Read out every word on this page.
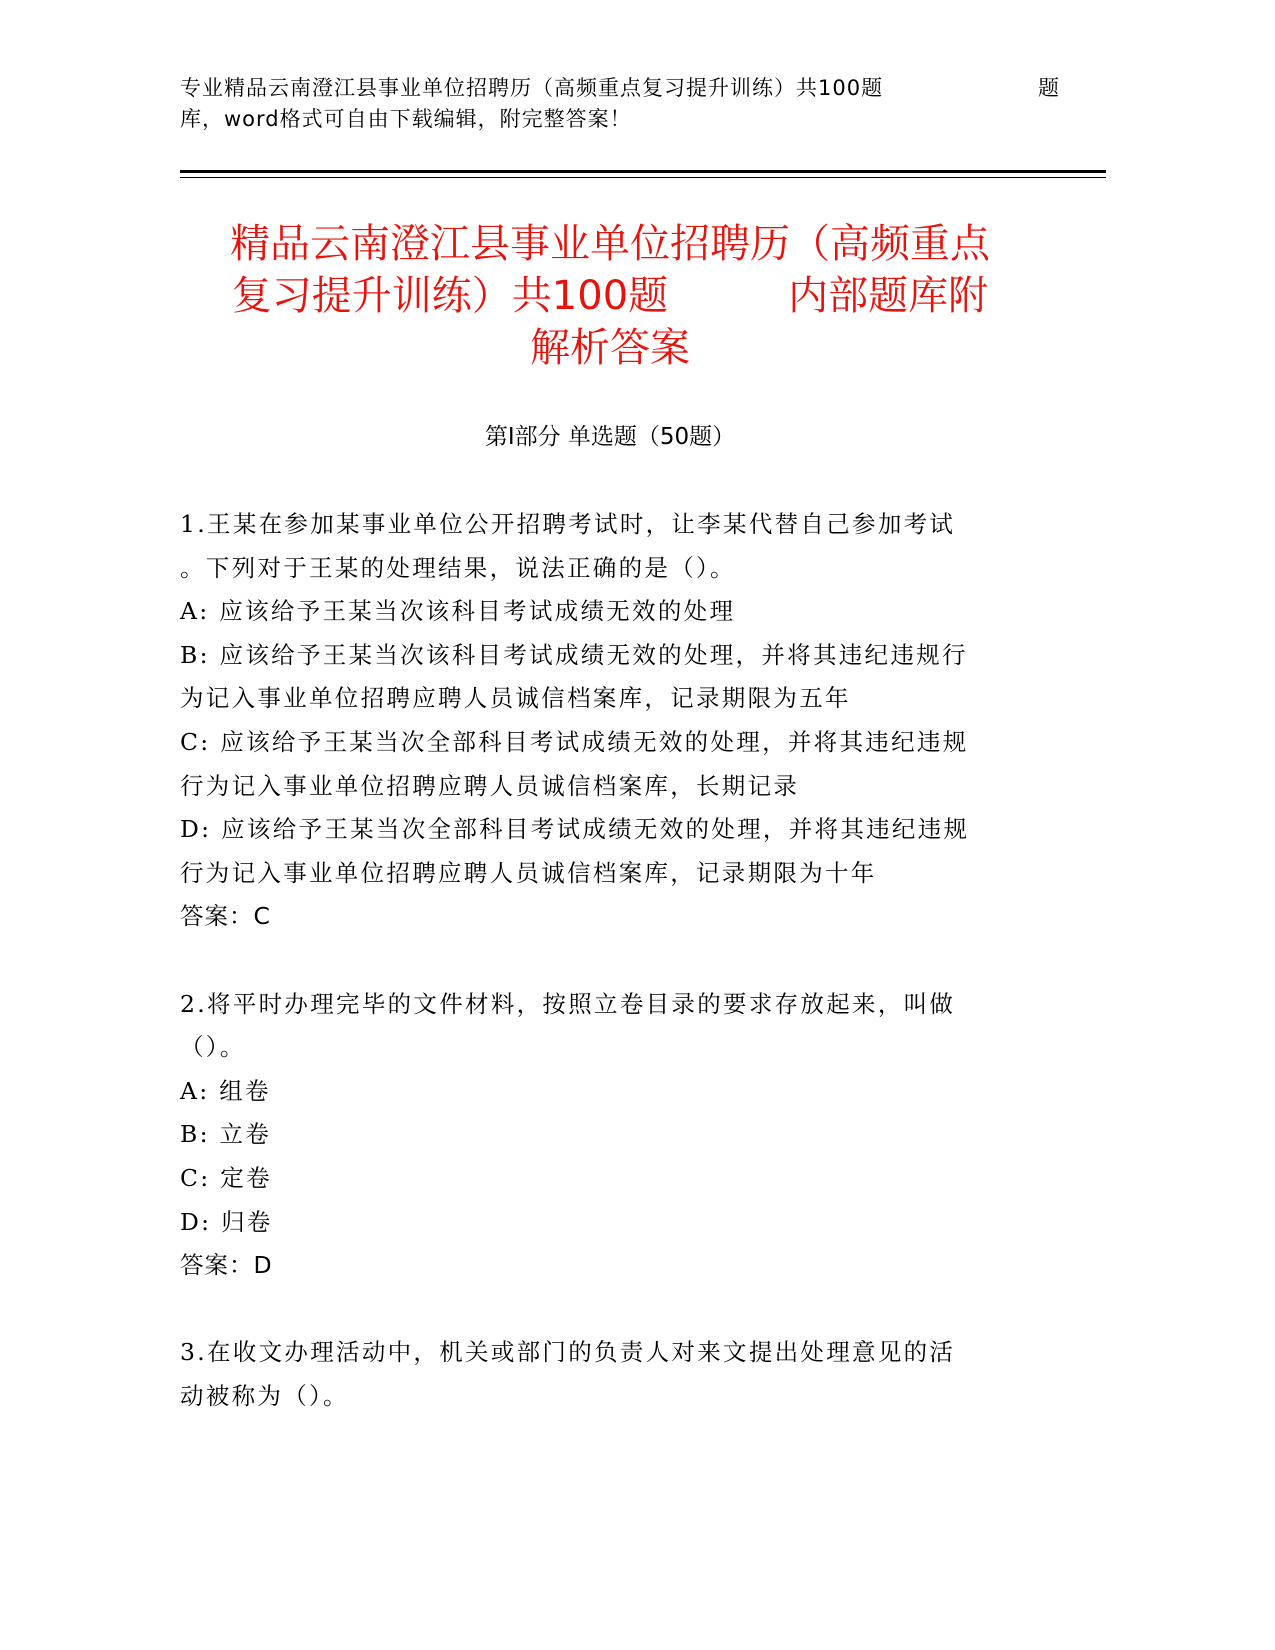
专业精品云南澄江县事业单位招聘历（高频重点复习提升训练）共100题	题
库，word格式可自由下载编辑，附完整答案！
精品云南澄江县事业单位招聘历（高频重点
复习提升训练）共100题　　　内部题库附
解析答案
第Ⅰ部分 单选题（50题）
1.王某在参加某事业单位公开招聘考试时，让李某代替自己参加考试
。下列对于王某的处理结果，说法正确的是（）。
A: 应该给予王某当次该科目考试成绩无效的处理
B: 应该给予王某当次该科目考试成绩无效的处理，并将其违纪违规行
为记入事业单位招聘应聘人员诚信档案库，记录期限为五年
C: 应该给予王某当次全部科目考试成绩无效的处理，并将其违纪违规
行为记入事业单位招聘应聘人员诚信档案库，长期记录
D: 应该给予王某当次全部科目考试成绩无效的处理，并将其违纪违规
行为记入事业单位招聘应聘人员诚信档案库，记录期限为十年
答案：C
2.将平时办理完毕的文件材料，按照立卷目录的要求存放起来，叫做
（）。
A: 组卷
B: 立卷
C: 定卷
D: 归卷
答案：D
3.在收文办理活动中，机关或部门的负责人对来文提出处理意见的活
动被称为（）。
